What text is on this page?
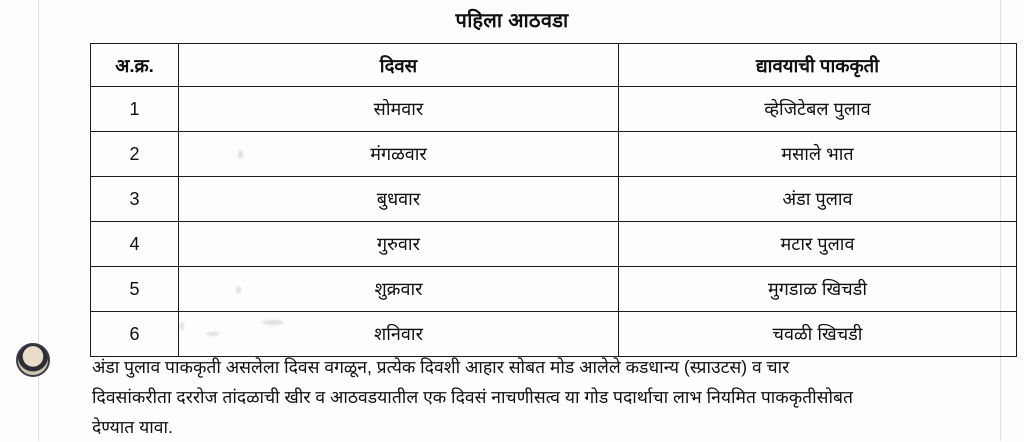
पहिला आठवडा
अ.क्र.	दिवस	द्यावयाची पाककृती
1	सोमवार	व्हेजिटेबल पुलाव
2	मंगळवार	मसाले भात
3	बुधवार	अंडा पुलाव
4	गुरुवार	मटार पुलाव
5	शुक्रवार	मुगडाळ खिचडी
6	शनिवार	चवळी खिचडी
अंडा पुलाव पाककृती असलेला दिवस वगळून, प्रत्येक दिवशी आहार सोबत मोड आलेले कडधान्य (स्प्राउटस) व चार
दिवसांकरीता दररोज तांदळाची खीर व आठवडयातील एक दिवसं नाचणीसत्व या गोड पदार्थाचा लाभ नियमित पाककृतीसोबत
देण्यात यावा.
